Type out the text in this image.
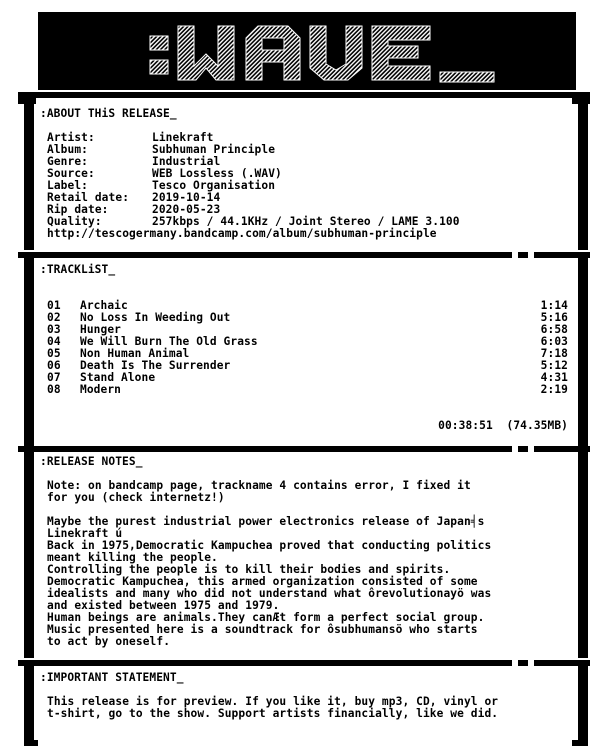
:ABOUT THiS RELEASE_
Artist:	Linekraft
Album:	Subhuman Principle
Genre:	Industrial
Source:	WEB Lossless (.WAV)
Label:	Tesco Organisation
Retail date: 2019-10-14
Rip date:	2020-05-23
Quality:	257kbps / 44.1KHz / Joint Stereo / LAME 3.100
http://tescogermany.bandcamp.com/album/subhuman-principle
:TRACKLiST_
01 Archaic	1:14
02 No Loss In Weeding Out	5:16
03 Hunger	6:58
04 We Will Burn The Old Grass	6:03
05 Non Human Animal	7:18
06 Death Is The Surrender	5:12
07 Stand Alone	4:31
08 Modern	2:19
00:38:51  (74.35MB)
:RELEASE NOTES_
Note: on bandcamp page, trackname 4 contains error, I fixed it
for you (check internetz!)
Maybe the purest industrial power electronics release of Japan╡s
Linekraft ú
Back in 1975,Democratic Kampuchea proved that conducting politics
meant killing the people.
Controlling the people is to kill their bodies and spirits.
Democratic Kampuchea, this armed organization consisted of some
idealists and many who did not understand what ôrevolutionayö was
and existed between 1975 and 1979.
Human beings are animals.They canÆt form a perfect social group.
Music presented here is a soundtrack for ôsubhumansö who starts
to act by oneself.
:IMPORTANT STATEMENT_
This release is for preview. If you like it, buy mp3, CD, vinyl or
t-shirt, go to the show. Support artists financially, like we did.
